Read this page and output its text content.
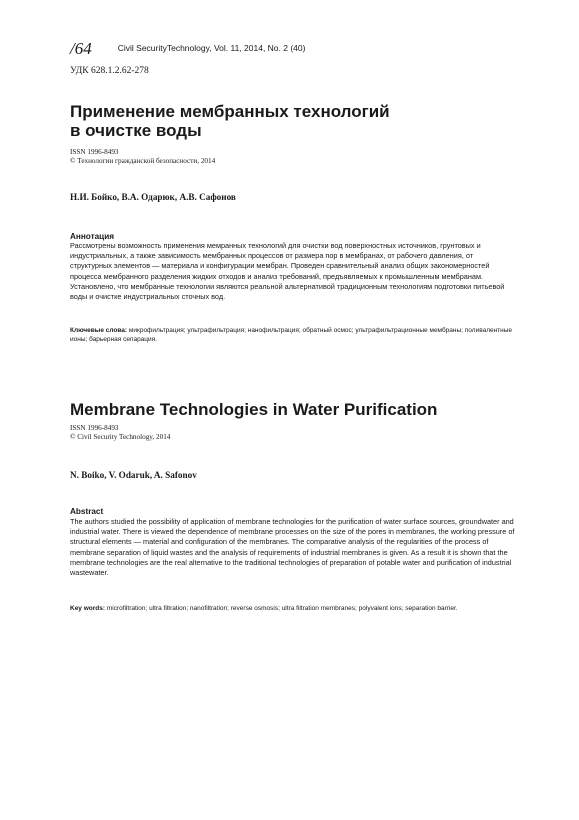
/64	Civil SecurityTechnology, Vol. 11, 2014, No. 2 (40)
УДК 628.1.2.62-278
Применение мембранных технологий
в очистке воды
ISSN 1996-8493
© Технологии гражданской безопасности, 2014
Н.И. Бойко, В.А. Одарюк, А.В. Сафонов
Аннотация

Рассмотрены возможность применения мемранных технологий для очистки вод поверхностных источников, грунтовых и индустриальных, а также зависимость мембранных процессов от размера пор в мембранах, от рабочего давления, от структурных элементов — материала и конфигурации мембран. Проведен сравнительный анализ общих закономерностей процесса мембранного разделения жидких отходов и анализ требований, предъявляемых к промышленным мембранам. Установлено, что мембранные технологии являются реальной альтернативой традиционным технологиям подготовки питьевой воды и очистке индустриальных сточных вод.

Ключевые слова: микрофильтрация; ультрафильтрация; нанофильтрация; обратный осмос; ультрафильтрационные мембраны; поливалентные ионы; барьерная сепарация.

Membrane Technologies in Water Purification
ISSN 1996-8493
© Civil Security Technology, 2014
N. Boiko, V. Odaruk, A. Safonov
Abstract

The authors studied the possibility of application of membrane technologies for the purification of water surface sources, groundwater and industrial water. There is viewed the dependence of membrane processes on the size of the pores in membranes, the working pressure of structural elements — material and configuration of the membranes. The comparative analysis of the regularities of the process of membrane separation of liquid wastes and the analysis of requirements of industrial membranes is given. As a result it is shown that the membrane technologies are the real alternative to the traditional technologies of preparation of potable water and purification of industrial wastewater.

Key words: microfiltration; ultra filtration; nanofiltration; reverse osmosis; ultra filtration membranes; polyvalent ions; separation barrier.
